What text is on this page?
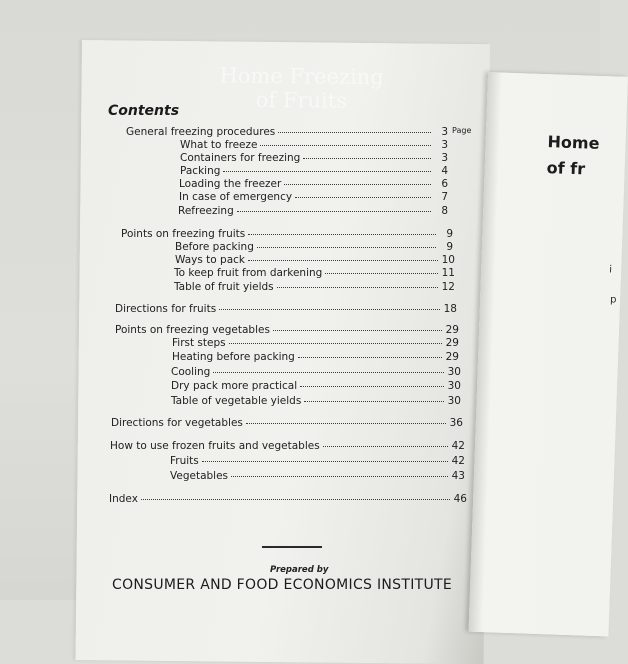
Home Freezing
of Fruits
Home
of fr
i
p
Contents
Page
General freezing procedures	3
What to freeze	3
Containers for freezing	3
Packing	4
Loading the freezer	6
In case of emergency	7
Refreezing	8
Points on freezing fruits	9
Before packing	9
Ways to pack	10
To keep fruit from darkening	11
Table of fruit yields	12
Directions for fruits	18
Points on freezing vegetables	29
First steps	29
Heating before packing	29
Cooling	30
Dry pack more practical	30
Table of vegetable yields	30
Directions for vegetables	36
How to use frozen fruits and vegetables	42
Fruits	42
Vegetables	43
Index	46
Prepared by
CONSUMER AND FOOD ECONOMICS INSTITUTE
